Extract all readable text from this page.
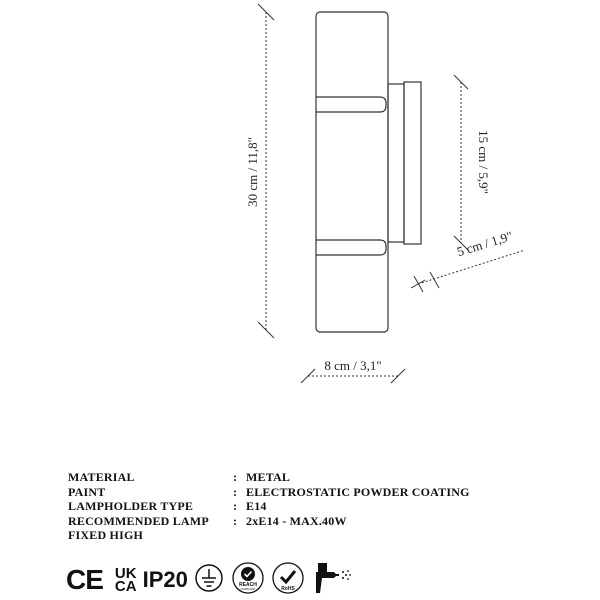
30 cm / 11,8"	15 cm / 5,9"
5 cm / 1,9"
8 cm / 3,1"
MATERIAL	: METAL
PAINT	: ELECTROSTATIC POWDER COATING
LAMPHOLDER TYPE	: E14
RECOMMENDED LAMP	: 2xE14 - MAX.40W
FIXED HIGH
CE UK
CA IP20	REACH
COMPLIANT	RoHS
